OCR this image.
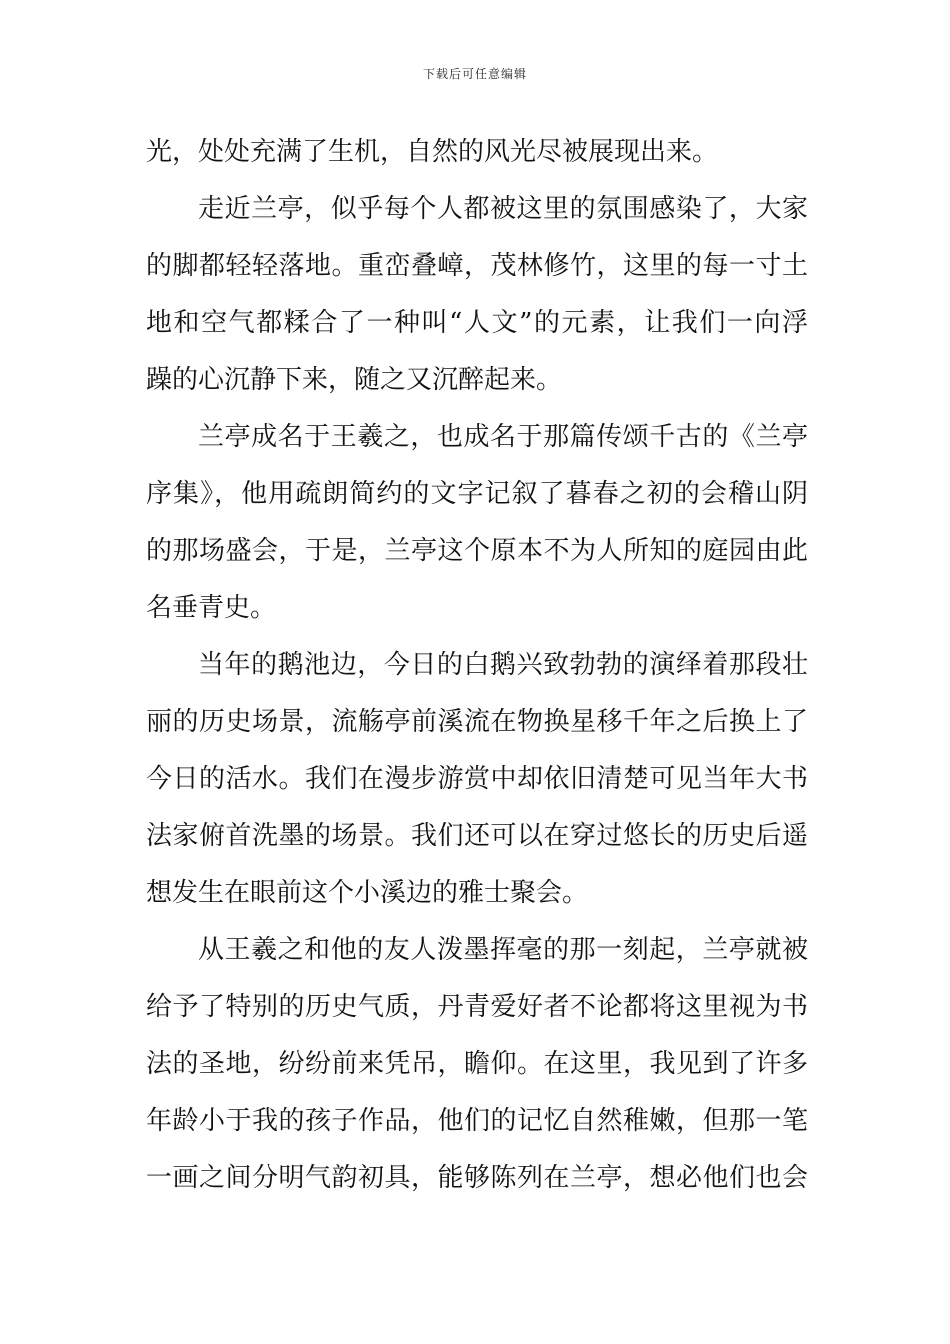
下载后可任意编辑
光，处处充满了生机，自然的风光尽被展现出来。
走近兰亭，似乎每个人都被这里的氛围感染了，大家
的脚都轻轻落地。重峦叠嶂，茂林修竹，这里的每一寸土
地和空气都糅合了一种叫“人文”的元素，让我们一向浮
躁的心沉静下来，随之又沉醉起来。
兰亭成名于王羲之，也成名于那篇传颂千古的《兰亭
序集》，他用疏朗简约的文字记叙了暮春之初的会稽山阴
的那场盛会，于是，兰亭这个原本不为人所知的庭园由此
名垂青史。
当年的鹅池边，今日的白鹅兴致勃勃的演绎着那段壮
丽的历史场景，流觞亭前溪流在物换星移千年之后换上了
今日的活水。我们在漫步游赏中却依旧清楚可见当年大书
法家俯首洗墨的场景。我们还可以在穿过悠长的历史后遥
想发生在眼前这个小溪边的雅士聚会。
从王羲之和他的友人泼墨挥毫的那一刻起，兰亭就被
给予了特别的历史气质，丹青爱好者不论都将这里视为书
法的圣地，纷纷前来凭吊，瞻仰。在这里，我见到了许多
年龄小于我的孩子作品，他们的记忆自然稚嫩，但那一笔
一画之间分明气韵初具，能够陈列在兰亭，想必他们也会
